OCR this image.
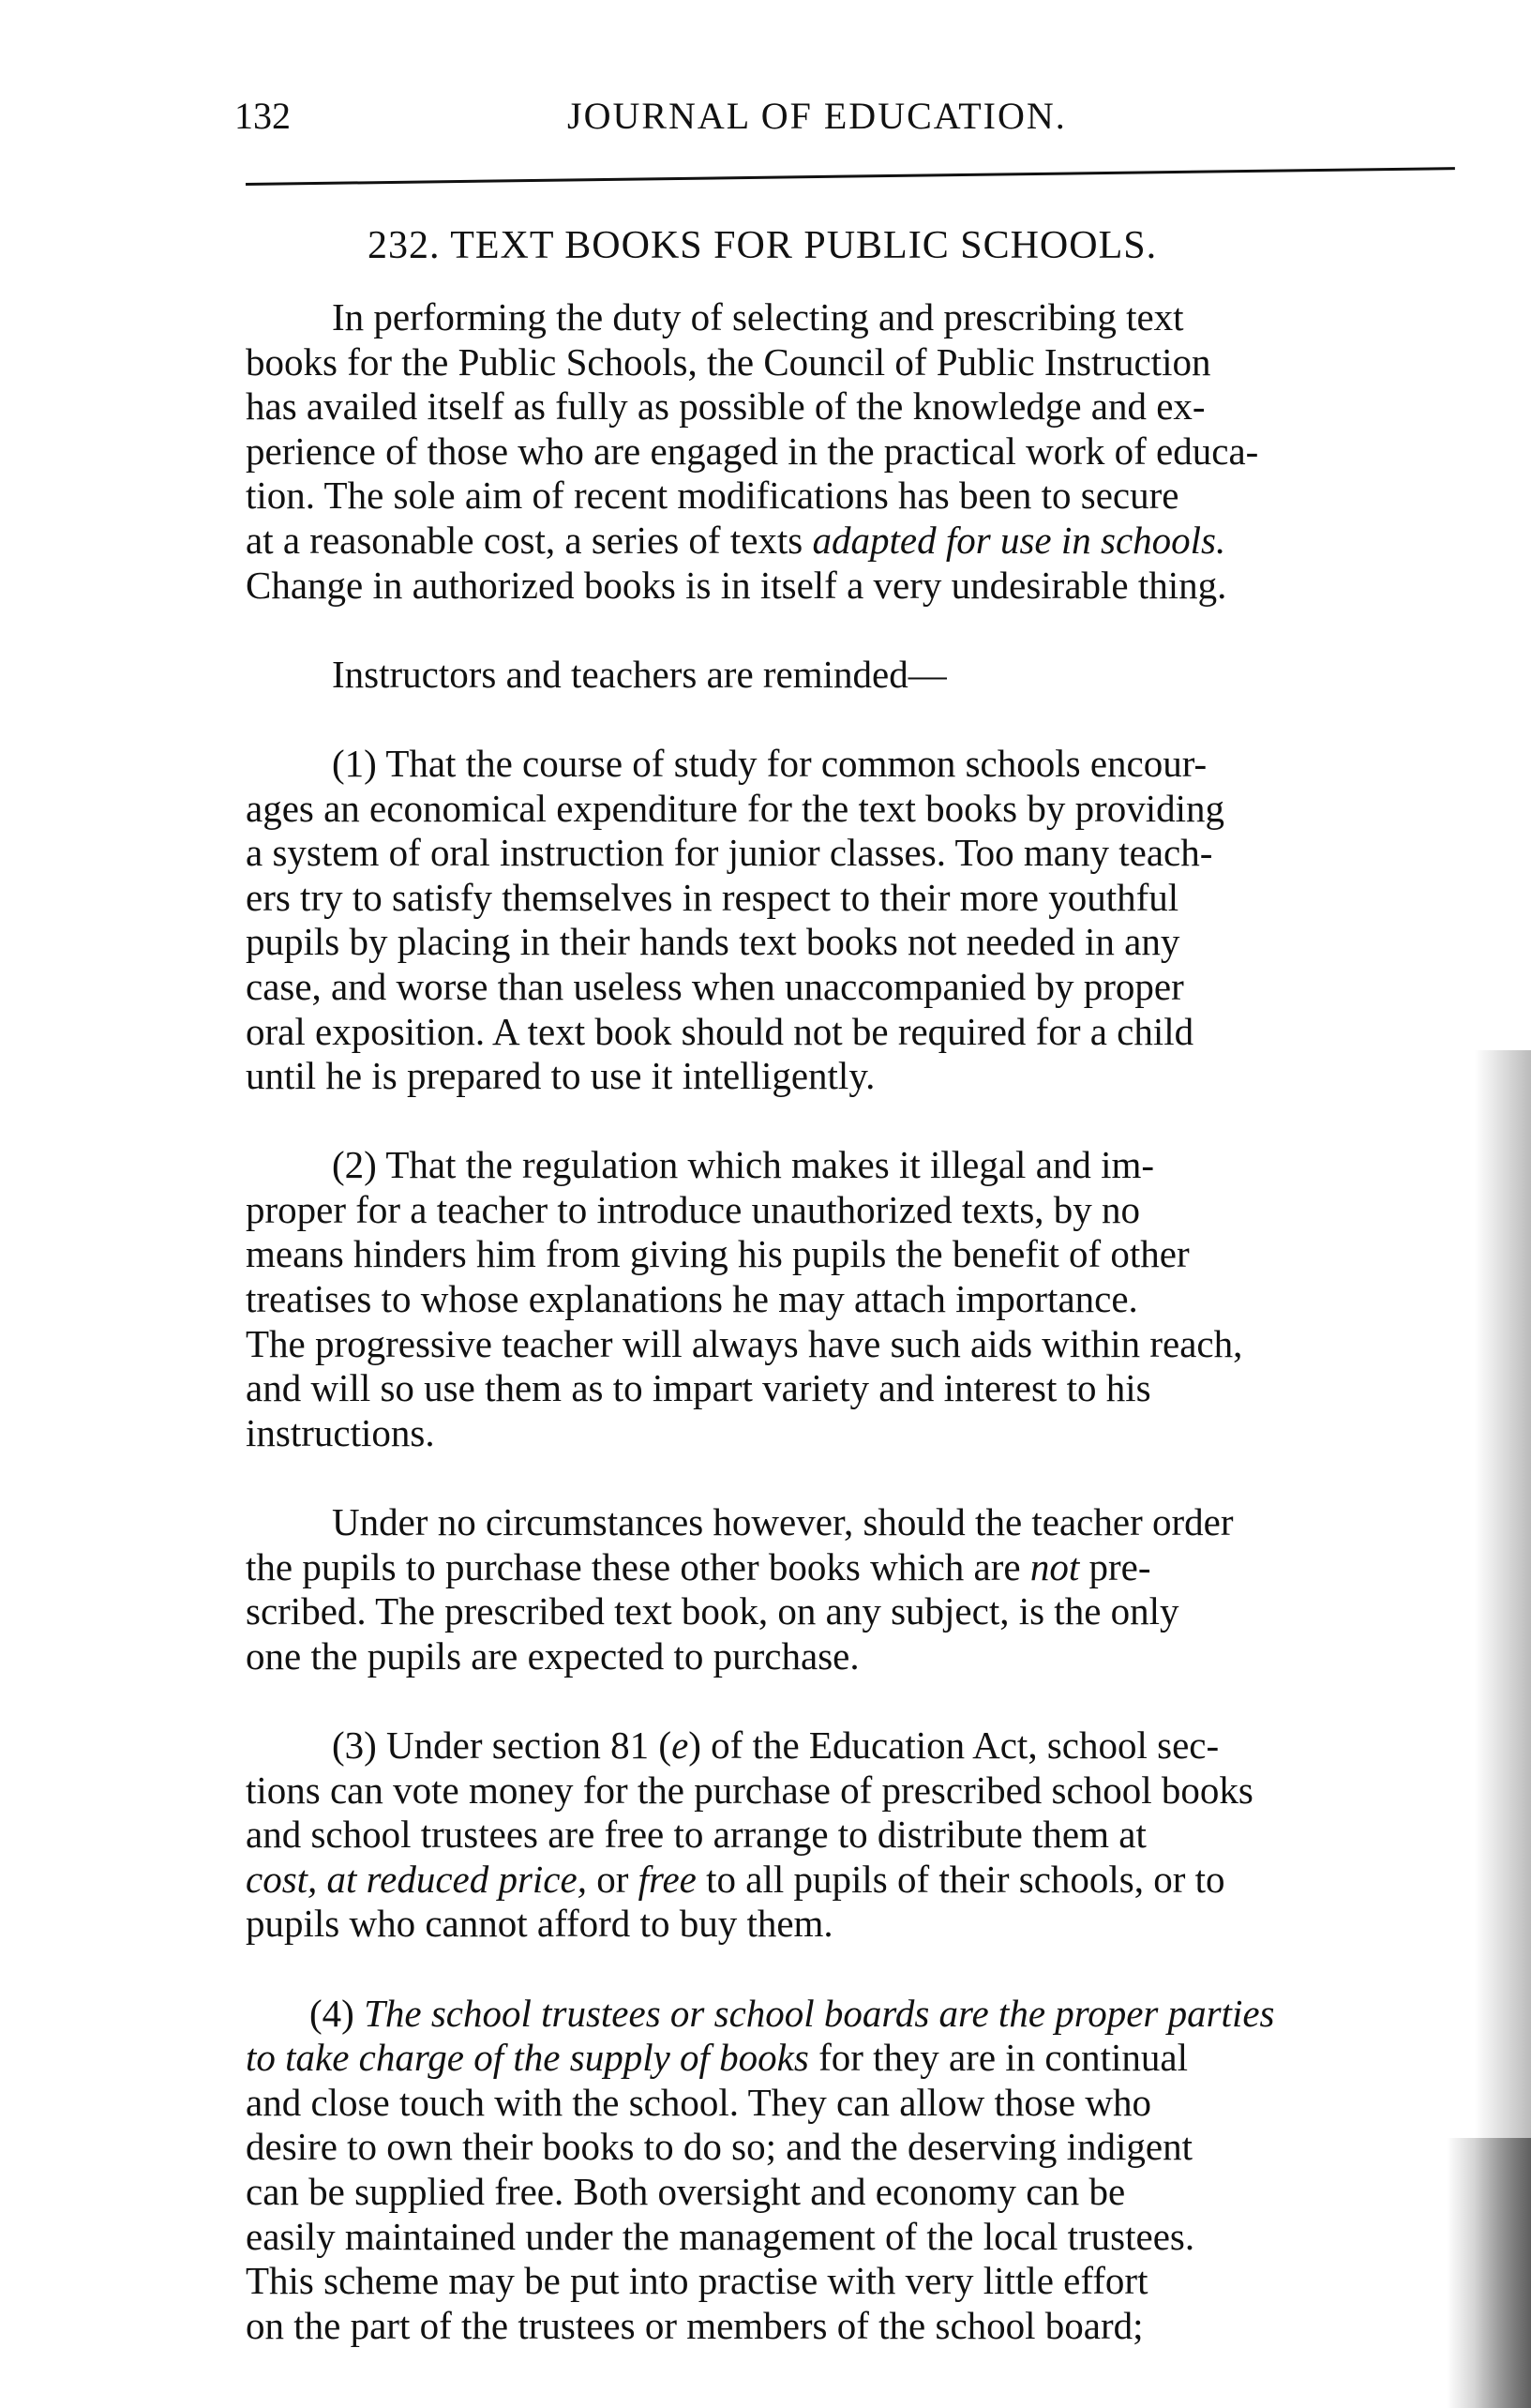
132	JOURNAL OF EDUCATION.
232. TEXT BOOKS FOR PUBLIC SCHOOLS.
In performing the duty of selecting and prescribing text
books for the Public Schools, the Council of Public Instruction
has availed itself as fully as possible of the knowledge and ex-
perience of those who are engaged in the practical work of educa-
tion. The sole aim of recent modifications has been to secure
at a reasonable cost, a series of texts adapted for use in schools.
Change in authorized books is in itself a very undesirable thing.
Instructors and teachers are reminded—
(1) That the course of study for common schools encour-
ages an economical expenditure for the text books by providing
a system of oral instruction for junior classes. Too many teach-
ers try to satisfy themselves in respect to their more youthful
pupils by placing in their hands text books not needed in any
case, and worse than useless when unaccompanied by proper
oral exposition. A text book should not be required for a child
until he is prepared to use it intelligently.
(2) That the regulation which makes it illegal and im-
proper for a teacher to introduce unauthorized texts, by no
means hinders him from giving his pupils the benefit of other
treatises to whose explanations he may attach importance.
The progressive teacher will always have such aids within reach,
and will so use them as to impart variety and interest to his
instructions.
Under no circumstances however, should the teacher order
the pupils to purchase these other books which are not pre-
scribed. The prescribed text book, on any subject, is the only
one the pupils are expected to purchase.
(3) Under section 81 (e) of the Education Act, school sec-
tions can vote money for the purchase of prescribed school books
and school trustees are free to arrange to distribute them at
cost, at reduced price, or free to all pupils of their schools, or to
pupils who cannot afford to buy them.
(4) The school trustees or school boards are the proper parties
to take charge of the supply of books for they are in continual
and close touch with the school. They can allow those who
desire to own their books to do so; and the deserving indigent
can be supplied free. Both oversight and economy can be
easily maintained under the management of the local trustees.
This scheme may be put into practise with very little effort
on the part of the trustees or members of the school board;
